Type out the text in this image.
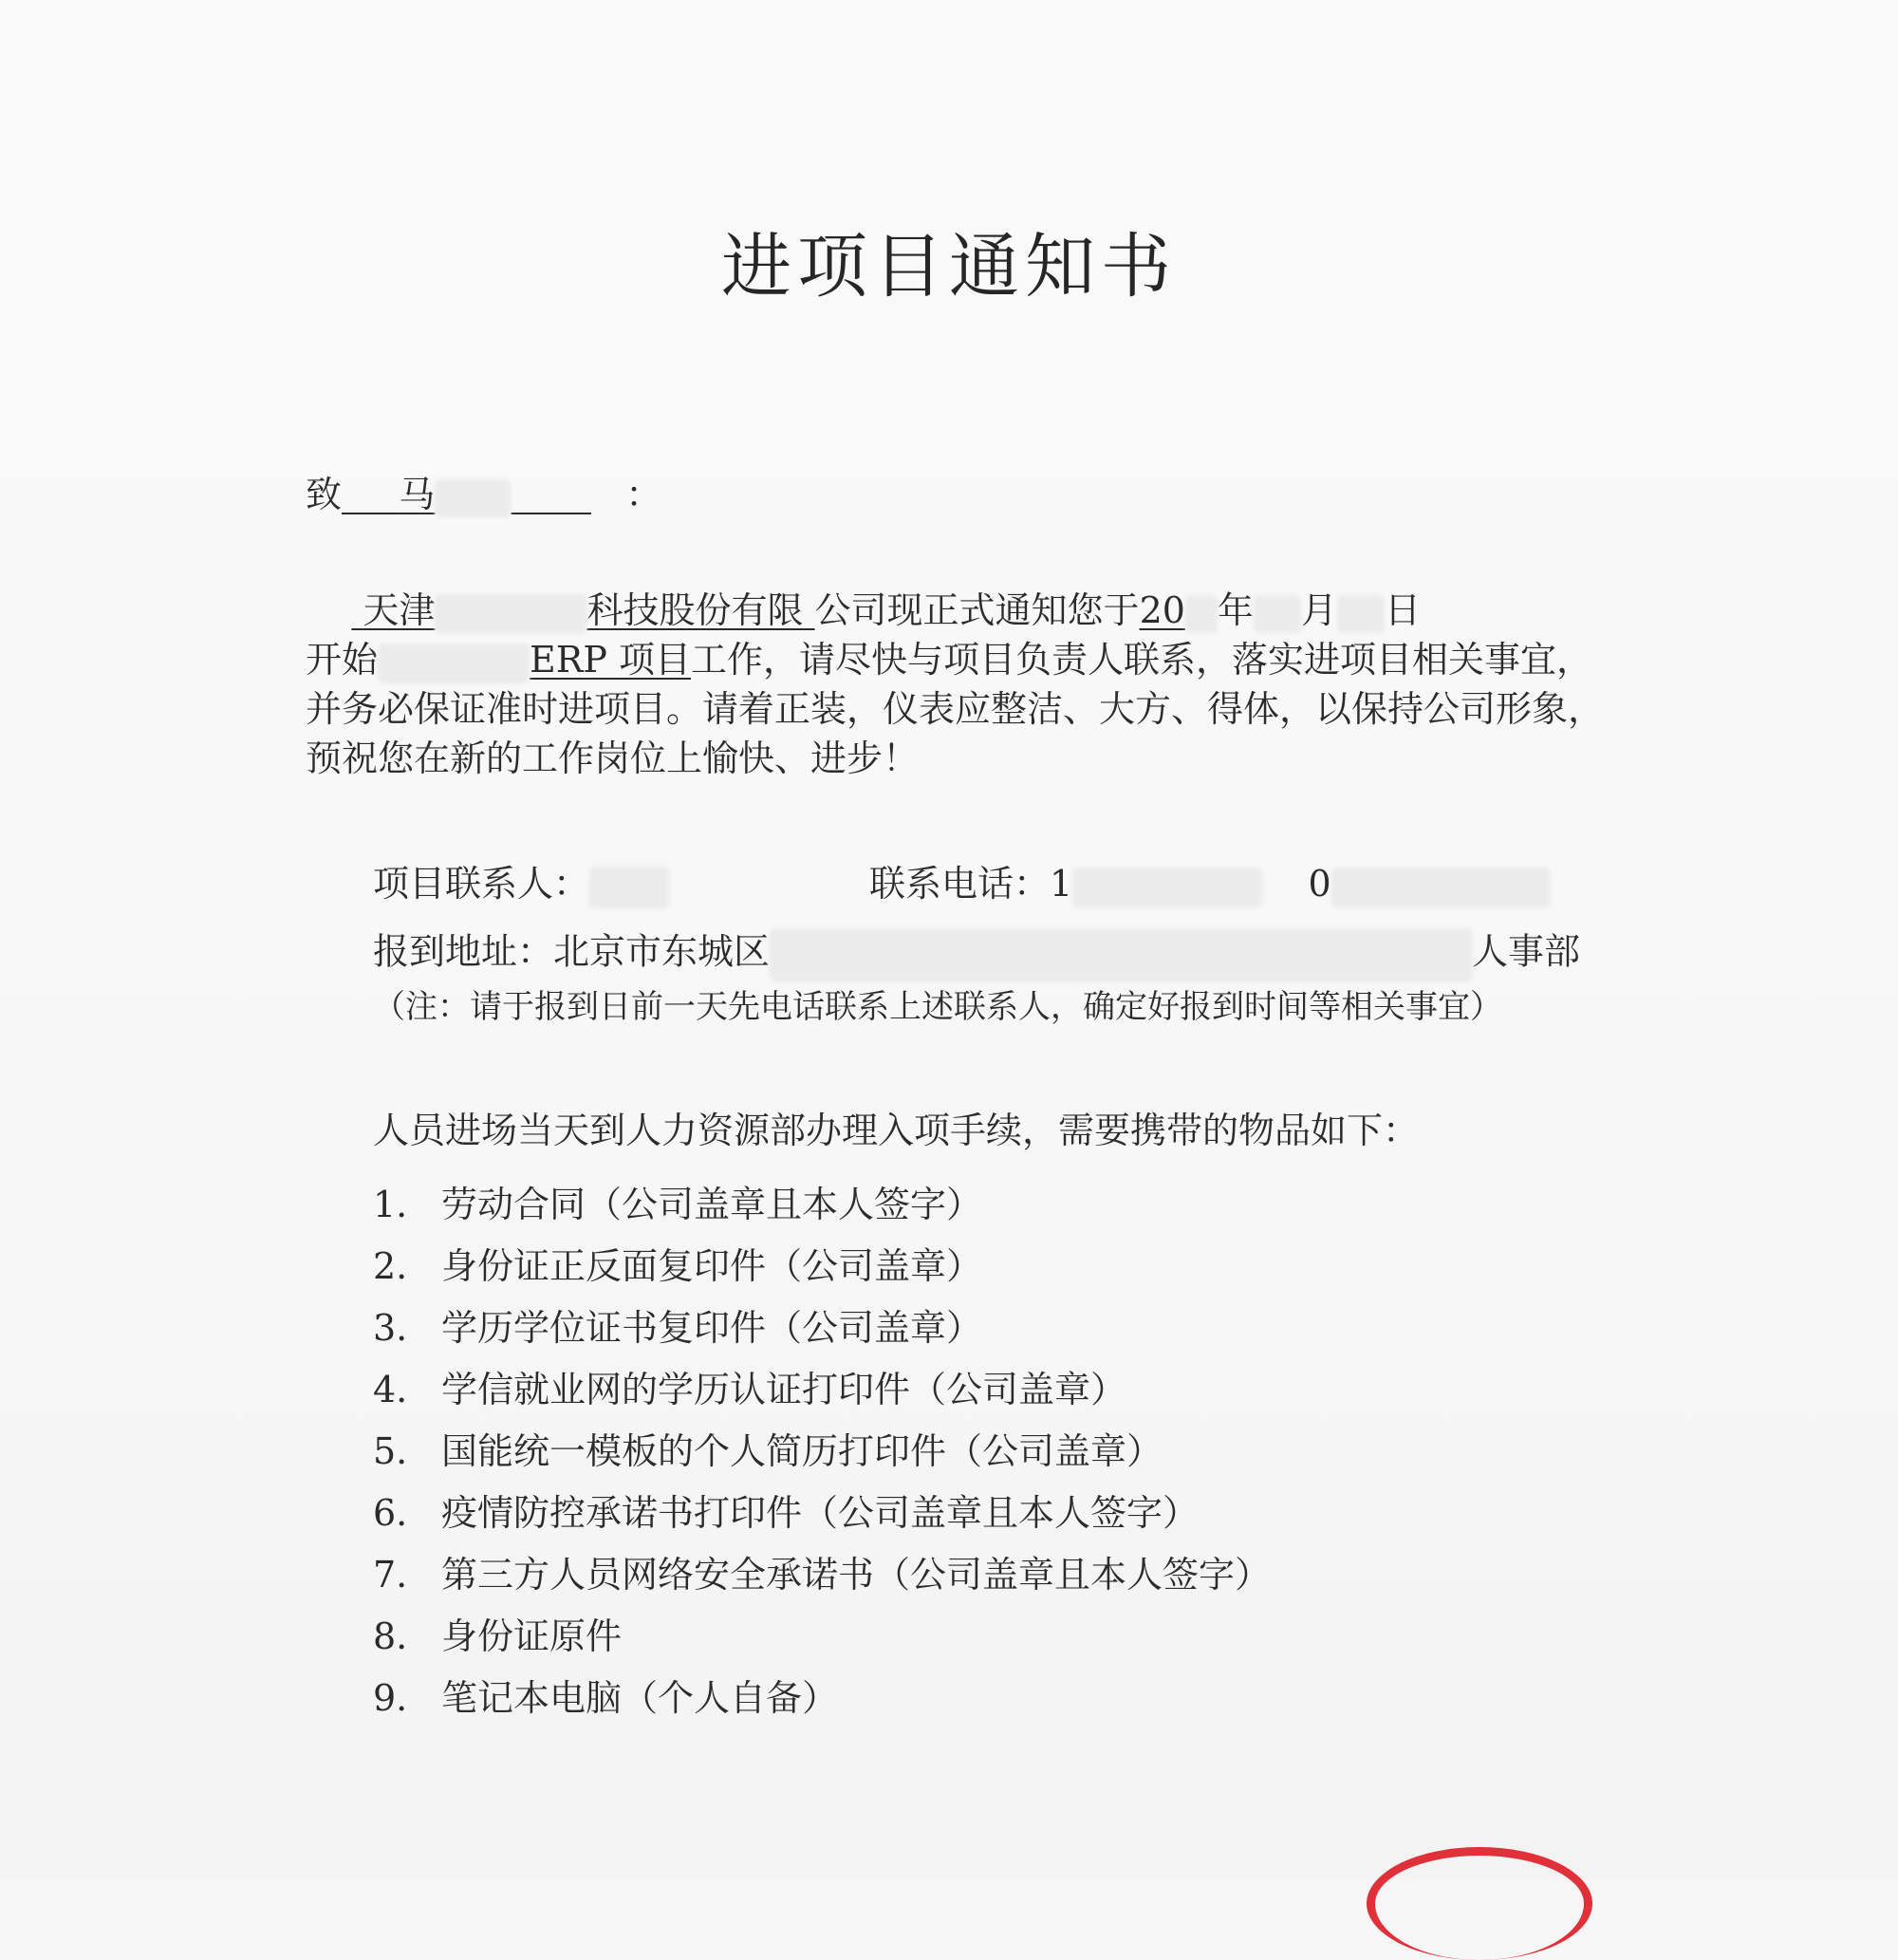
进项目通知书
致 马	：
天津	科技股份有限 公司现正式通知您于20 年 月 日
开始	ERP 项目工作，请尽快与项目负责人联系，落实进项目相关事宜，
并务必保证准时进项目。请着正装，仪表应整洁、大方、得体，以保持公司形象，
预祝您在新的工作岗位上愉快、进步！
项目联系人：	联系电话：1	0
报到地址：北京市东城区	人事部
（注：请于报到日前一天先电话联系上述联系人，确定好报到时间等相关事宜）
人员进场当天到人力资源部办理入项手续，需要携带的物品如下：
1. 劳动合同（公司盖章且本人签字）
2. 身份证正反面复印件（公司盖章）
3. 学历学位证书复印件（公司盖章）
4. 学信就业网的学历认证打印件（公司盖章）
5. 国能统一模板的个人简历打印件（公司盖章）
6. 疫情防控承诺书打印件（公司盖章且本人签字）
7. 第三方人员网络安全承诺书（公司盖章且本人签字）
8. 身份证原件
9. 笔记本电脑（个人自备）
